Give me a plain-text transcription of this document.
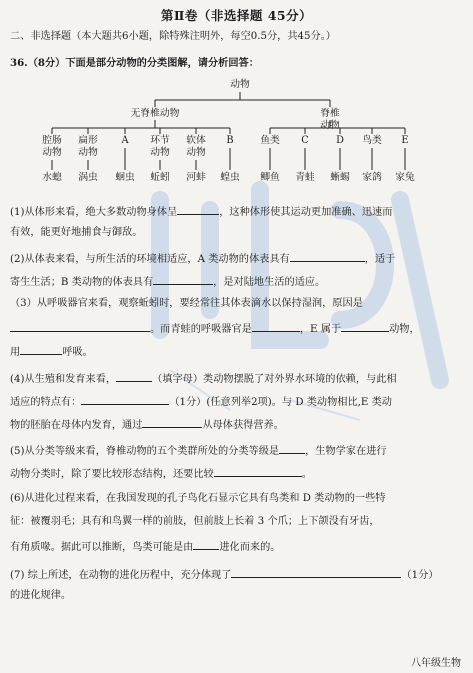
第Ⅱ卷（非选择题 45分）
二、非选择题（本大题共6小题，除特殊注明外，每空0.5分，共45分。）
36.（8分）下面是部分动物的分类图解，请分析回答：
动物
无脊椎动物	脊椎
动物
腔肠
动物
扁形
动物
A	环节
动物
软体
动物
B	鱼类	C	D	鸟类	E
水螅	涡虫	蛔虫	蚯蚓	河蚌	蝗虫	鲫鱼	青蛙	蜥蜴	家鸽	家兔
(1)从体形来看，绝大多数动物身体呈	，这种体形使其运动更加准确、迅速而
有效，能更好地捕食与御敌。
(2)从体表来看，与所生活的环境相适应，A 类动物的体表具有	，适于
寄生生活；B 类动物的体表具有	，是对陆地生活的适应。
（3）从呼吸器官来看，观察蚯蚓时，要经常往其体表滴水以保持湿润，原因是
。而青蛙的呼吸器官是	，E 属于	动物，
用	呼吸。
(4)从生殖和发育来看，	（填字母）类动物摆脱了对外界水环境的依赖，与此相
适应的特点有：	（1分）(任意列举2项)。与 D 类动物相比,E 类动
物的胚胎在母体内发育，通过	从母体获得营养。
(5)从分类等级来看，脊椎动物的五个类群所处的分类等级是	，生物学家在进行
动物分类时，除了要比较形态结构，还要比较	。
(6)从进化过程来看，在我国发现的孔子鸟化石显示它具有鸟类和 D 类动物的一些特
征：被覆羽毛；具有和鸟翼一样的前肢，但前肢上长着 3 个爪；上下颌没有牙齿，
有角质喙。据此可以推断，鸟类可能是由	进化而来的。
(7) 综上所述，在动物的进化历程中，充分体现了	（1分）
的进化规律。
八年级生物
